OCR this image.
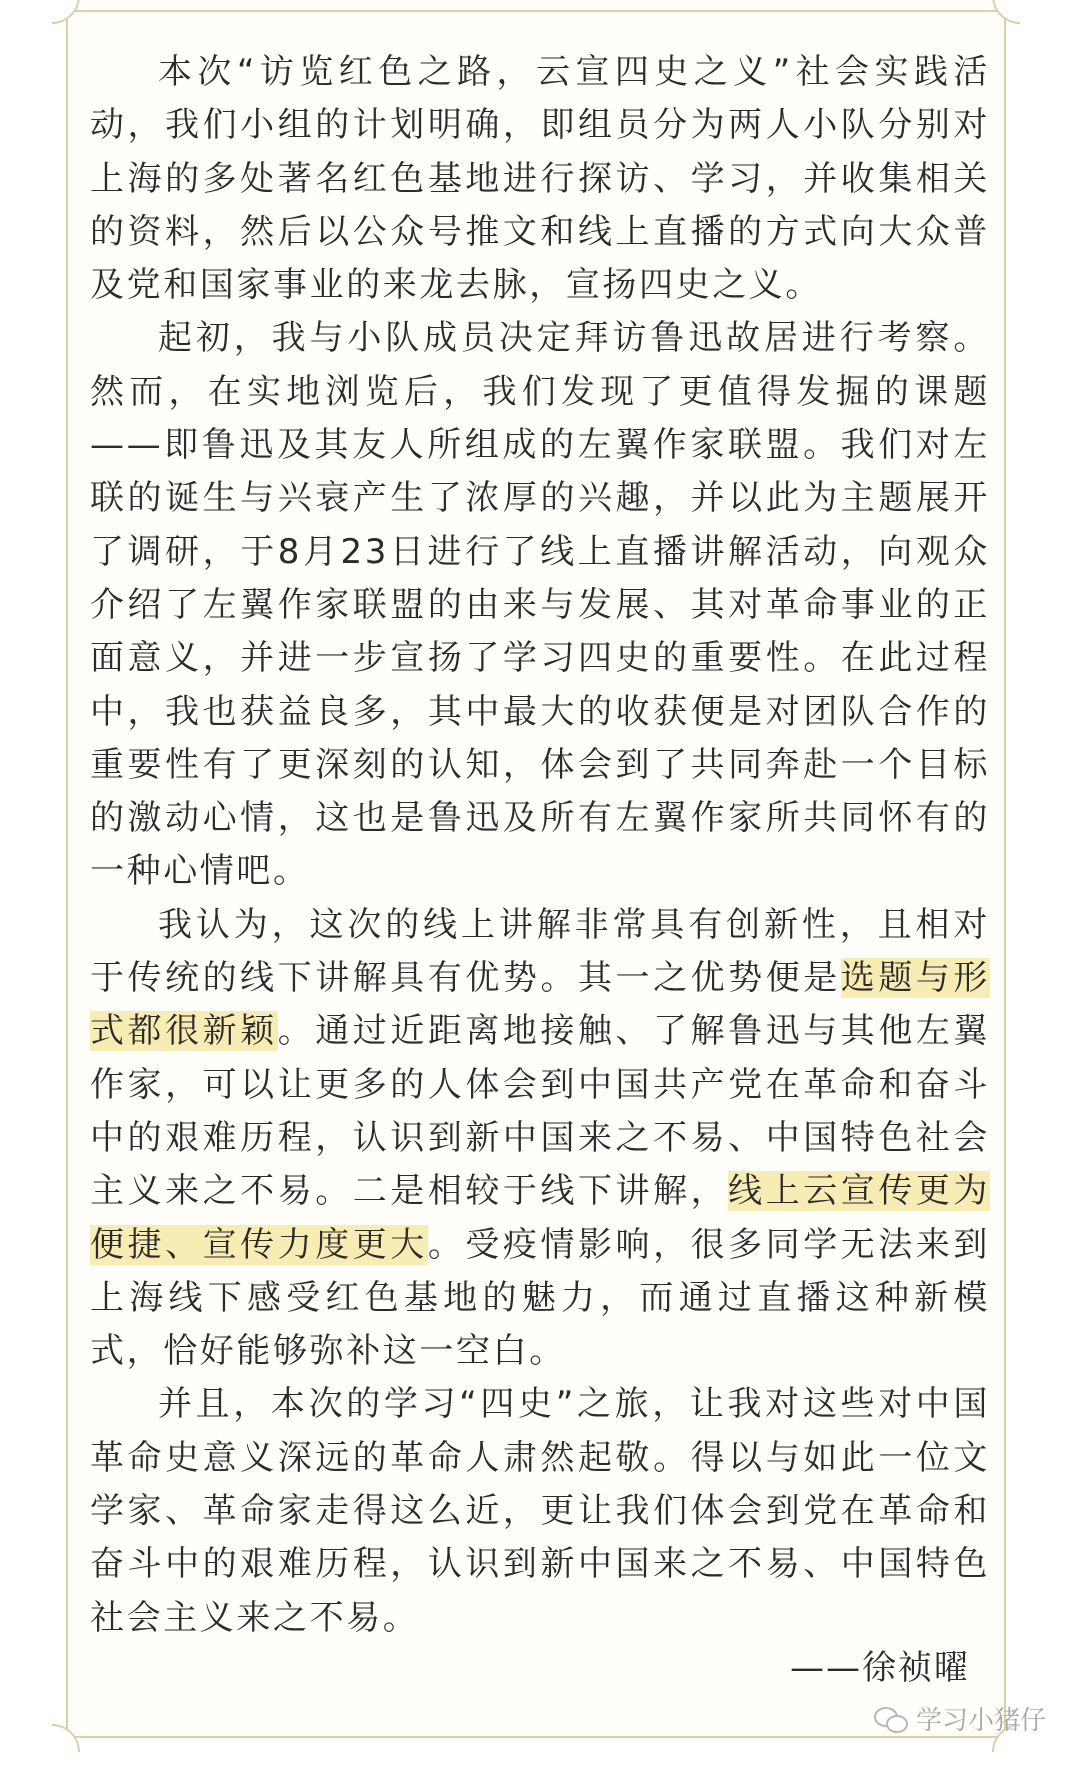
本次“访览红色之路，云宣四史之义”社会实践活动，我们小组的计划明确，即组员分为两人小队分别对上海的多处著名红色基地进行探访、学习，并收集相关的资料，然后以公众号推文和线上直播的方式向大众普及党和国家事业的来龙去脉，宣扬四史之义。

起初，我与小队成员决定拜访鲁迅故居进行考察。然而，在实地浏览后，我们发现了更值得发掘的课题——即鲁迅及其友人所组成的左翼作家联盟。我们对左联的诞生与兴衰产生了浓厚的兴趣，并以此为主题展开了调研，于8月23日进行了线上直播讲解活动，向观众介绍了左翼作家联盟的由来与发展、其对革命事业的正面意义，并进一步宣扬了学习四史的重要性。在此过程中，我也获益良多，其中最大的收获便是对团队合作的重要性有了更深刻的认知，体会到了共同奔赴一个目标的激动心情，这也是鲁迅及所有左翼作家所共同怀有的一种心情吧。

我认为，这次的线上讲解非常具有创新性，且相对于传统的线下讲解具有优势。其一之优势便是选题与形式都很新颖。通过近距离地接触、了解鲁迅与其他左翼作家，可以让更多的人体会到中国共产党在革命和奋斗中的艰难历程，认识到新中国来之不易、中国特色社会主义来之不易。二是相较于线下讲解，线上云宣传更为便捷、宣传力度更大。受疫情影响，很多同学无法来到上海线下感受红色基地的魅力，而通过直播这种新模式，恰好能够弥补这一空白。

并且，本次的学习“四史”之旅，让我对这些对中国革命史意义深远的革命人肃然起敬。得以与如此一位文学家、革命家走得这么近，更让我们体会到党在革命和奋斗中的艰难历程，认识到新中国来之不易、中国特色社会主义来之不易。

——徐祯曜
学习小猪仔
